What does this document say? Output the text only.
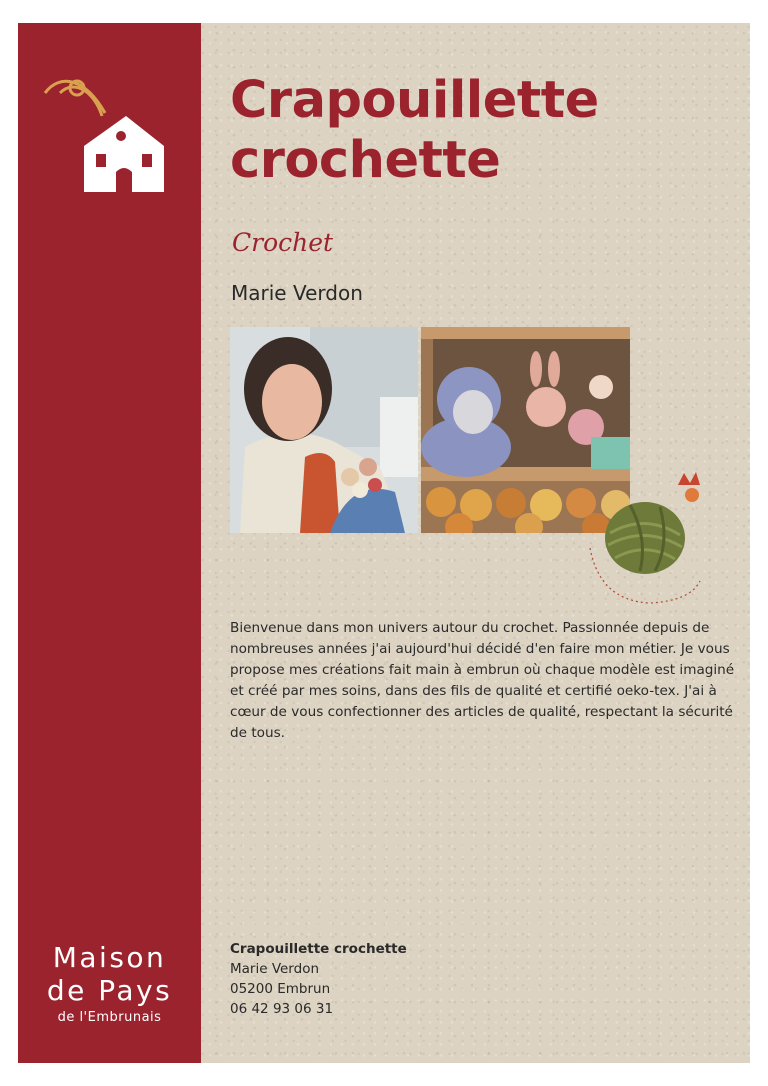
Maison
de Pays
de l'Embrunais
Crapouillette
crochette
Crochet
Marie Verdon

Bienvenue dans mon univers autour du crochet. Passionnée depuis de nombreuses années j'ai aujourd'hui décidé d'en faire mon métier. Je vous propose mes créations fait main à embrun où chaque modèle est imaginé et créé par mes soins, dans des fils de qualité et certifié oeko-tex. J'ai à cœur de vous confectionner des articles de qualité, respectant la sécurité de tous.

Crapouillette crochette
Marie Verdon
05200 Embrun
06 42 93 06 31
